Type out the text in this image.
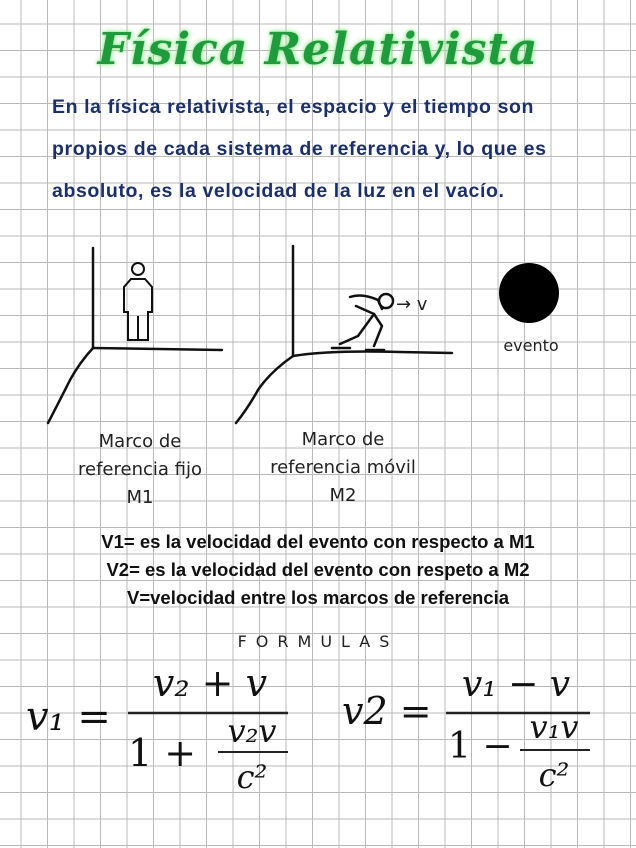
Física Relativista
En la física relativista, el espacio y el tiempo son propios de cada sistema de referencia y, lo que es absoluto, es la velocidad de la luz en el vacío.
→ v
evento
Marco de
referencia fijo
M1
Marco de
referencia móvil
M2
V1= es la velocidad del evento con respecto a M1
V2= es la velocidad del evento con respeto a M2
V=velocidad entre los marcos de referencia
FORMULAS
v₁ =
v₂ + v
1 + v₂v
c²
v2 =
v₁ − v
1 − v₁v
c²
